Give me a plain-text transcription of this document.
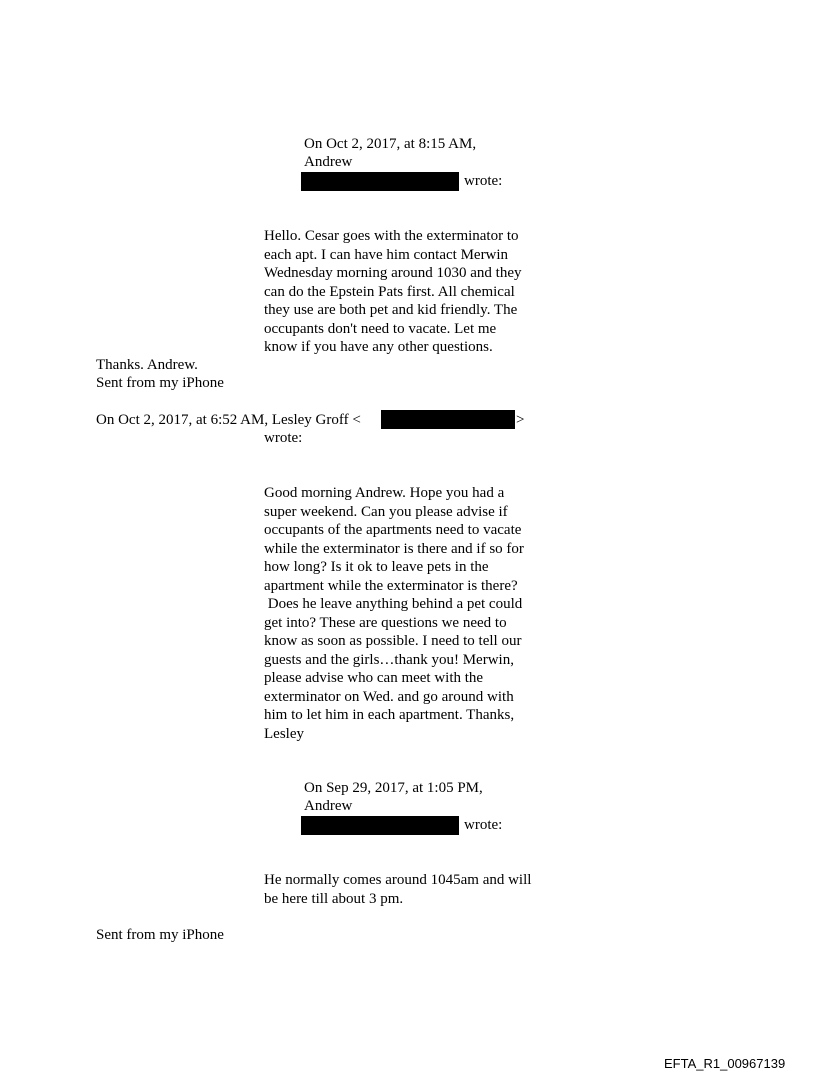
On Oct 2, 2017, at 8:15 AM,
Andrew
wrote:
Hello. Cesar goes with the exterminator to
each apt. I can have him contact Merwin
Wednesday morning around 1030 and they
can do the Epstein Pats first. All chemical
they use are both pet and kid friendly. The
occupants don't need to vacate. Let me
know if you have any other questions.
Thanks. Andrew.
Sent from my iPhone
On Oct 2, 2017, at 6:52 AM, Lesley Groff <	>
wrote:
Good morning Andrew. Hope you had a
super weekend. Can you please advise if
occupants of the apartments need to vacate
while the exterminator is there and if so for
how long? Is it ok to leave pets in the
apartment while the exterminator is there?
Does he leave anything behind a pet could
get into? These are questions we need to
know as soon as possible. I need to tell our
guests and the girls…thank you! Merwin,
please advise who can meet with the
exterminator on Wed. and go around with
him to let him in each apartment. Thanks,
Lesley
On Sep 29, 2017, at 1:05 PM,
Andrew
wrote:
He normally comes around 1045am and will
be here till about 3 pm.
Sent from my iPhone
EFTA_R1_00967139
